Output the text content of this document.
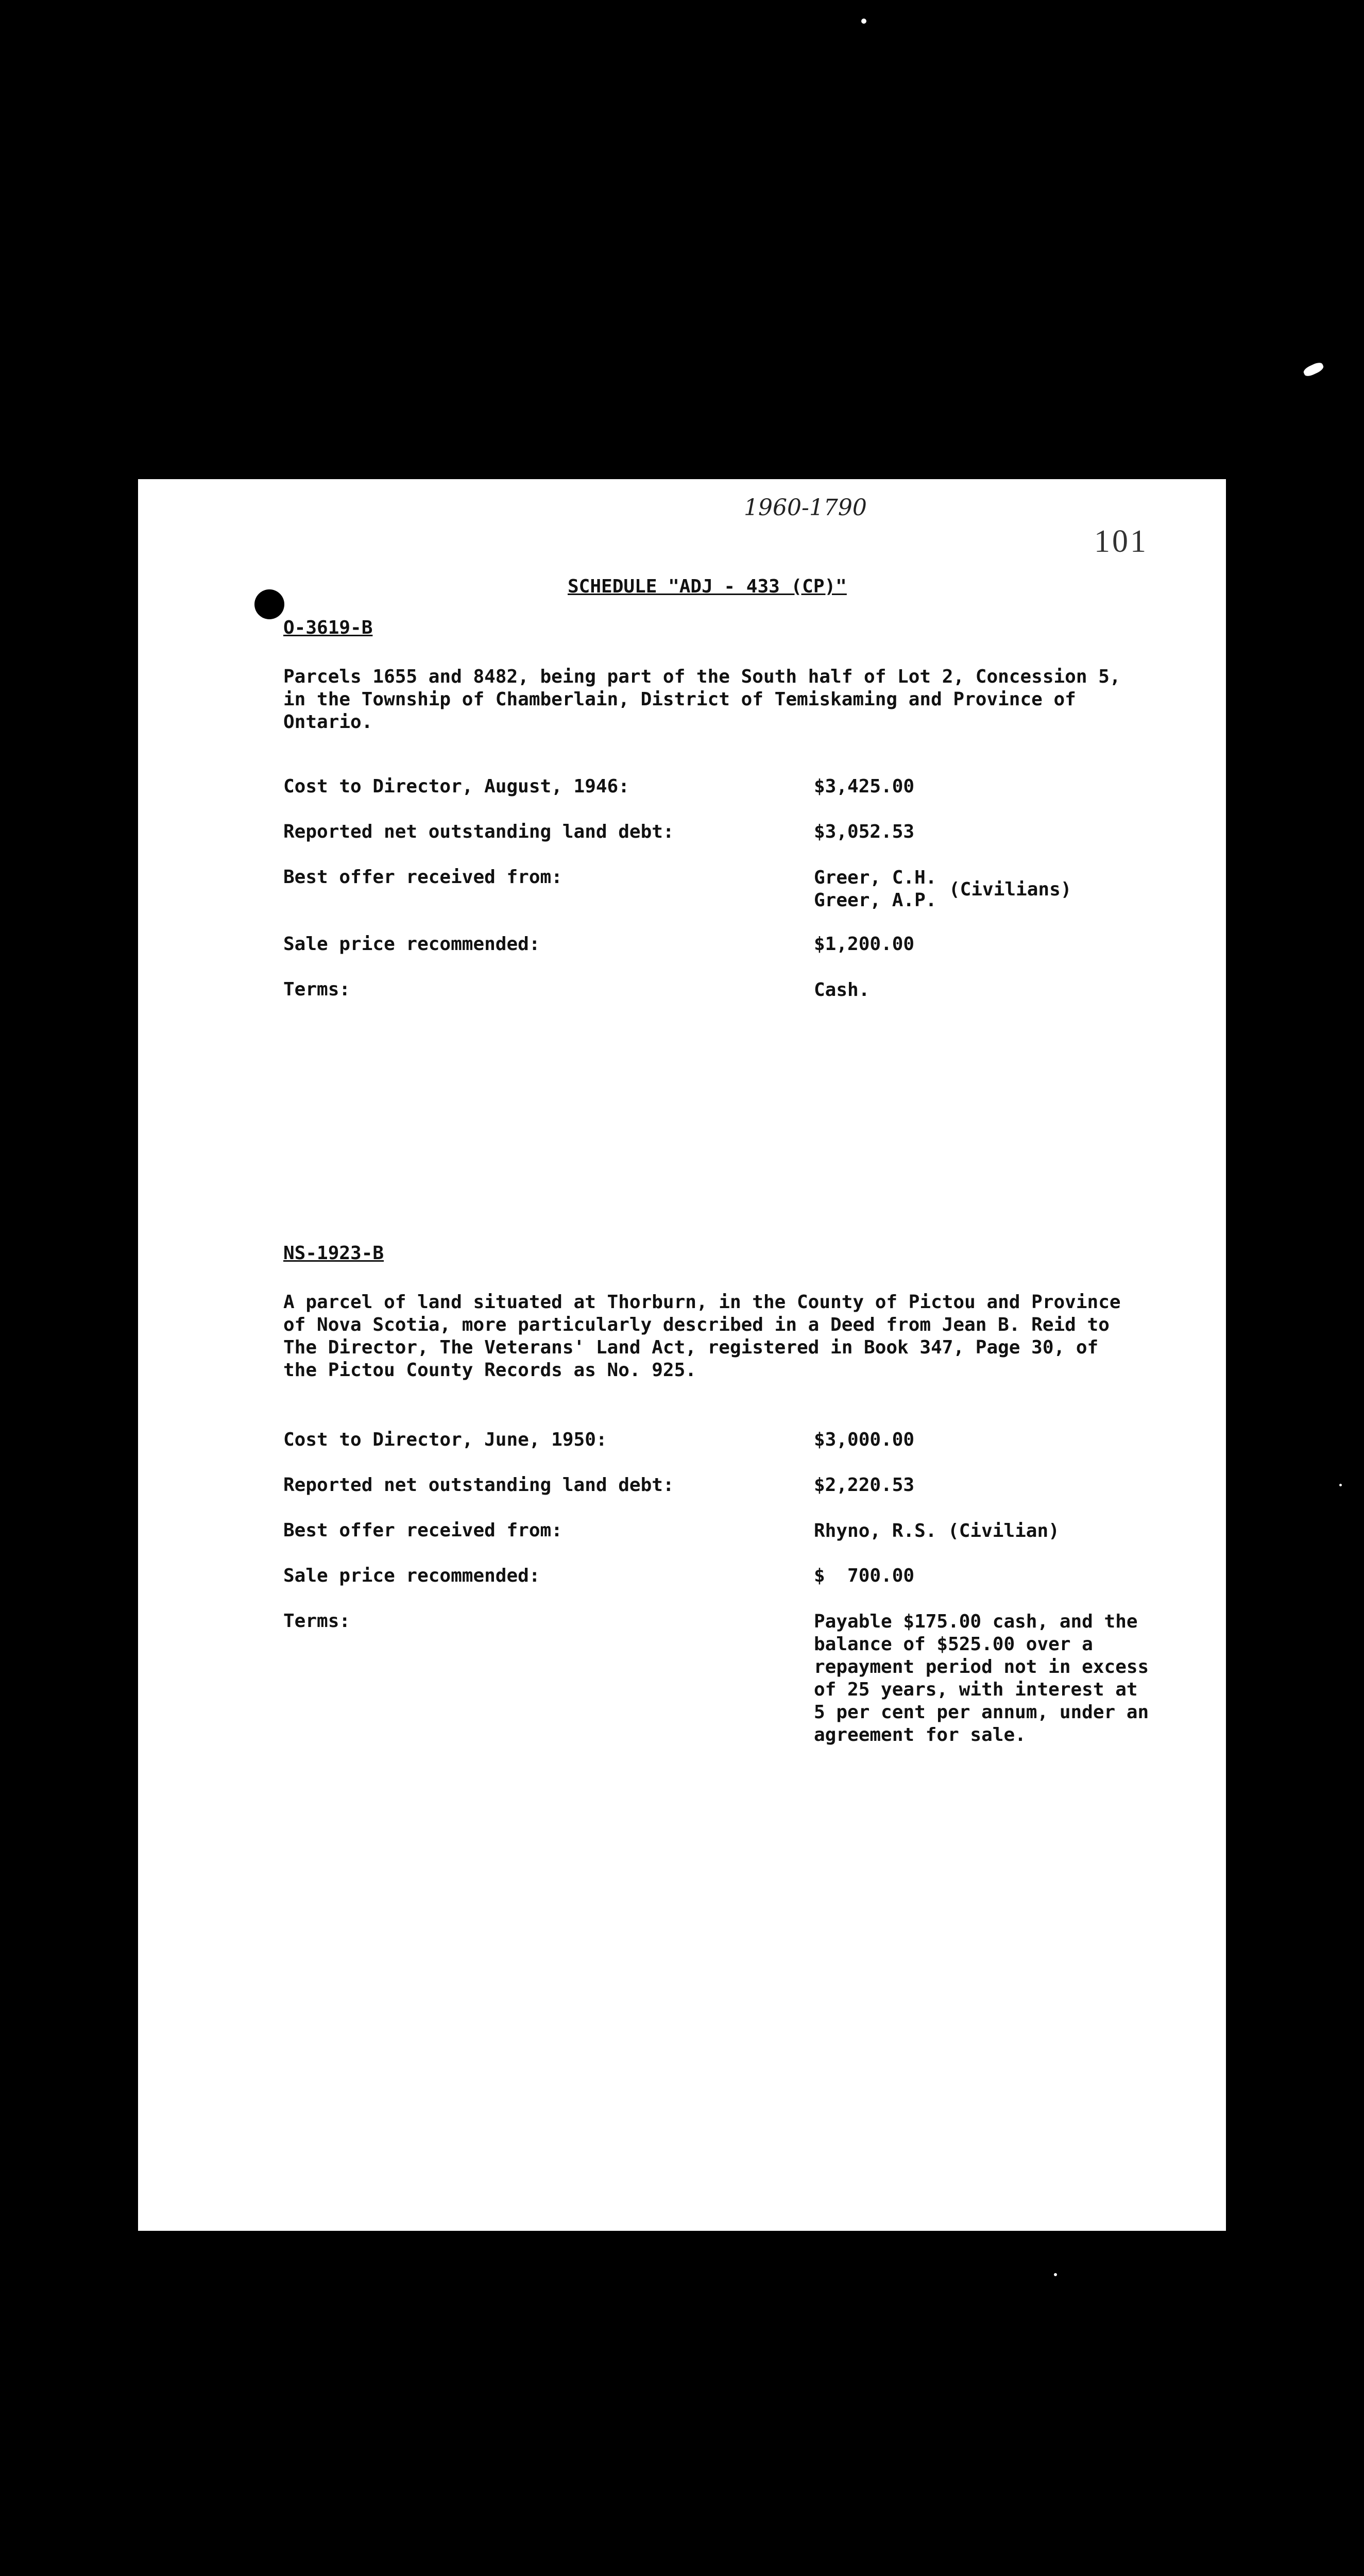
1960-1790
101
SCHEDULE "ADJ - 433 (CP)"
O-3619-B

Parcels 1655 and 8482, being part of the South half of Lot 2, Concession 5,

in the Township of Chamberlain, District of Temiskaming and Province of

Ontario.

Cost to Director, August, 1946:	$3,425.00
Reported net outstanding land debt:	$3,052.53
Best offer received from:	Greer, C.H.
Greer, A.P.
(Civilians)
Sale price recommended:	$1,200.00
Terms:	Cash.
NS-1923-B

A parcel of land situated at Thorburn, in the County of Pictou and Province

of Nova Scotia, more particularly described in a Deed from Jean B. Reid to

The Director, The Veterans' Land Act, registered in Book 347, Page 30, of

the Pictou County Records as No. 925.

Cost to Director, June, 1950:	$3,000.00
Reported net outstanding land debt:	$2,220.53
Best offer received from:	Rhyno, R.S. (Civilian)
Sale price recommended:	$  700.00
Terms:	Payable $175.00 cash, and the
balance of $525.00 over a
repayment period not in excess
of 25 years, with interest at
5 per cent per annum, under an
agreement for sale.
